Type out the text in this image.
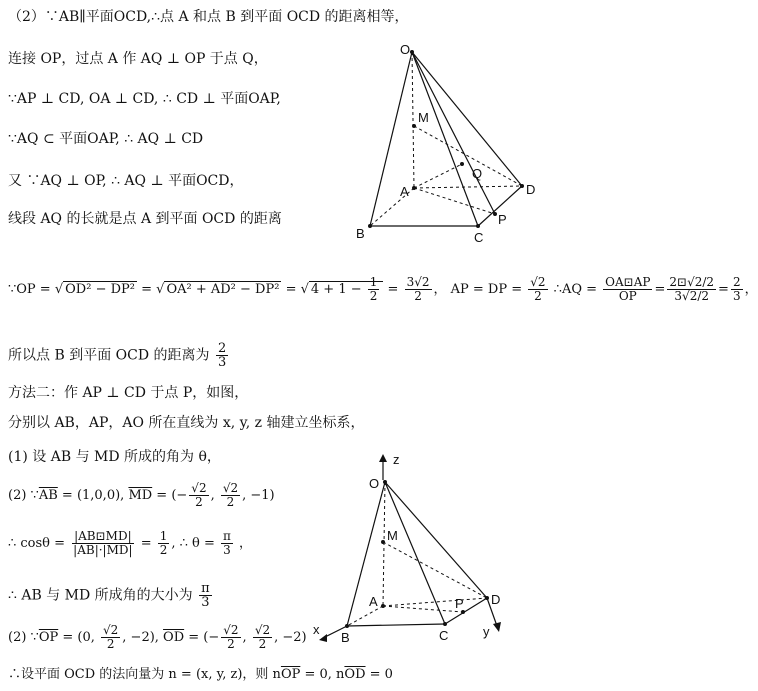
（2）∵AB∥平面OCD,∴点 A 和点 B 到平面 OCD 的距离相等，
连接 OP，过点 A 作 AQ ⊥ OP 于点 Q，
∵AP ⊥ CD, OA ⊥ CD, ∴ CD ⊥ 平面OAP,
∵AQ ⊂ 平面OAP, ∴ AQ ⊥ CD
又 ∵AQ ⊥ OP, ∴ AQ ⊥ 平面OCD，
线段 AQ 的长就是点 A 到平面 OCD 的距离
∵OP = √ OD² − DP² = √ OA² + AD² − DP² = √ $4 + 1 - \frac{1}{2} = \frac{3√2}{2}$ ， AP = DP = $\frac{√2}{2}$ ∴AQ = $\frac{OA⊡AP}{OP} = \frac{2⊡√2/2}{3√2/2} = \frac{2}{3}$ ，
所以点 B 到平面 OCD 的距离为 $\frac{2}{3}$
方法二：作 AP ⊥ CD 于点 P，如图，
分别以 AB，AP，AO 所在直线为 x, y, z 轴建立坐标系，
(1) 设 AB 与 MD 所成的角为 θ，
(2) $\because\overline{AB} = (1,0,0)$, $\overline{MD}$ = (− $\frac{√2}{2}$ , $\frac{√2}{2}$ , −1)
∴ $\cos\theta = \frac{|AB⊡MD|}{|AB|\cdot|MD|} = \frac{1}{2}$ , ∴ $\theta = \frac{\pi}{3}$ ，
∴ AB 与 MD 所成角的大小为 $\frac{\pi}{3}$
(2) $\because\overline{OP} = (0$, $\frac{√2}{2}$ , −2), $\overline{OD}$ = (− $\frac{√2}{2}$ , $\frac{√2}{2}$ , −2)
∴设平面 OCD 的法向量为 n = (x, y, z)，则 $n\overline{OP} = 0$, $n\overline{OD} = 0$
O
M
Q
A	D
P
B	C
z
O
M
A	P D
B	C
x	y
